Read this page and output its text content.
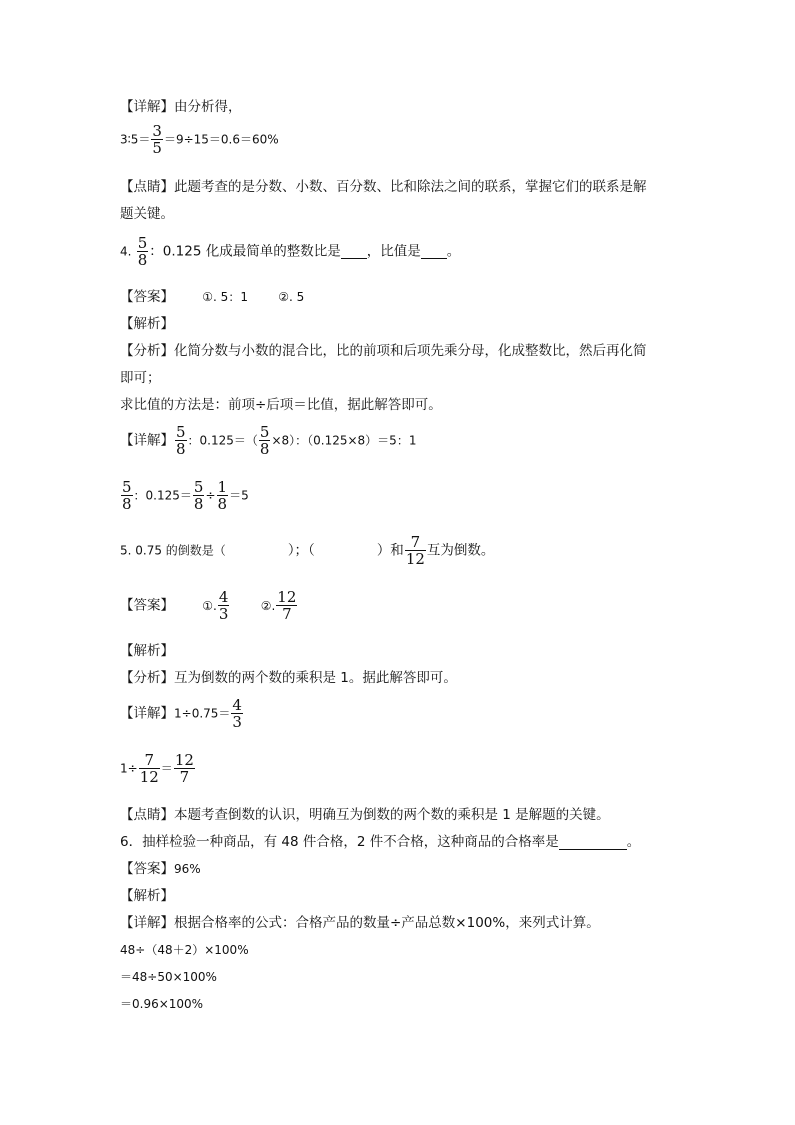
【详解】由分析得，
3∶5＝ $\frac{3}{5} =9\div 15=0.6=60\%$
【点睛】此题考查的是分数、小数、百分数、比和除法之间的联系，掌握它们的联系是解
题关键。
4. $\frac{5}{8}$ ：0.125 化成最简单的整数比是 ，比值是 。
【答案】 ①. 5：1	②. 5
【解析】
【分析】化简分数与小数的混合比，比的前项和后项先乘分母，化成整数比，然后再化简
即可；
求比值的方法是：前项÷后项＝比值，据此解答即可。
【详解】 $\frac{5}{8}$ ：$0.125=( \frac{5}{8} \times 8)$：（0.125×8）＝5：1
$\frac{5}{8}$ ：$0.125= \frac{5}{8} \div \frac{1}{8} =5$
5. 0.75 的倒数是（	）；（	）和 $\frac{7}{12}$ 互为倒数。
【答案】 ①. $\frac{4}{3}$	②. $\frac{12}{7}$
【解析】
【分析】互为倒数的两个数的乘积是 1。据此解答即可。
【详解】$1\div 0.75= \frac{4}{3}$
$1\div \frac{7}{12} = \frac{12}{7}$
【点睛】本题考查倒数的认识，明确互为倒数的两个数的乘积是 1 是解题的关键。
6．抽样检验一种商品，有 48 件合格，2 件不合格，这种商品的合格率是	。
【答案】96%
【解析】
【详解】根据合格率的公式：合格产品的数量÷产品总数×100%，来列式计算。
48÷（48＋2）×100%
＝48÷50×100%
＝0.96×100%
